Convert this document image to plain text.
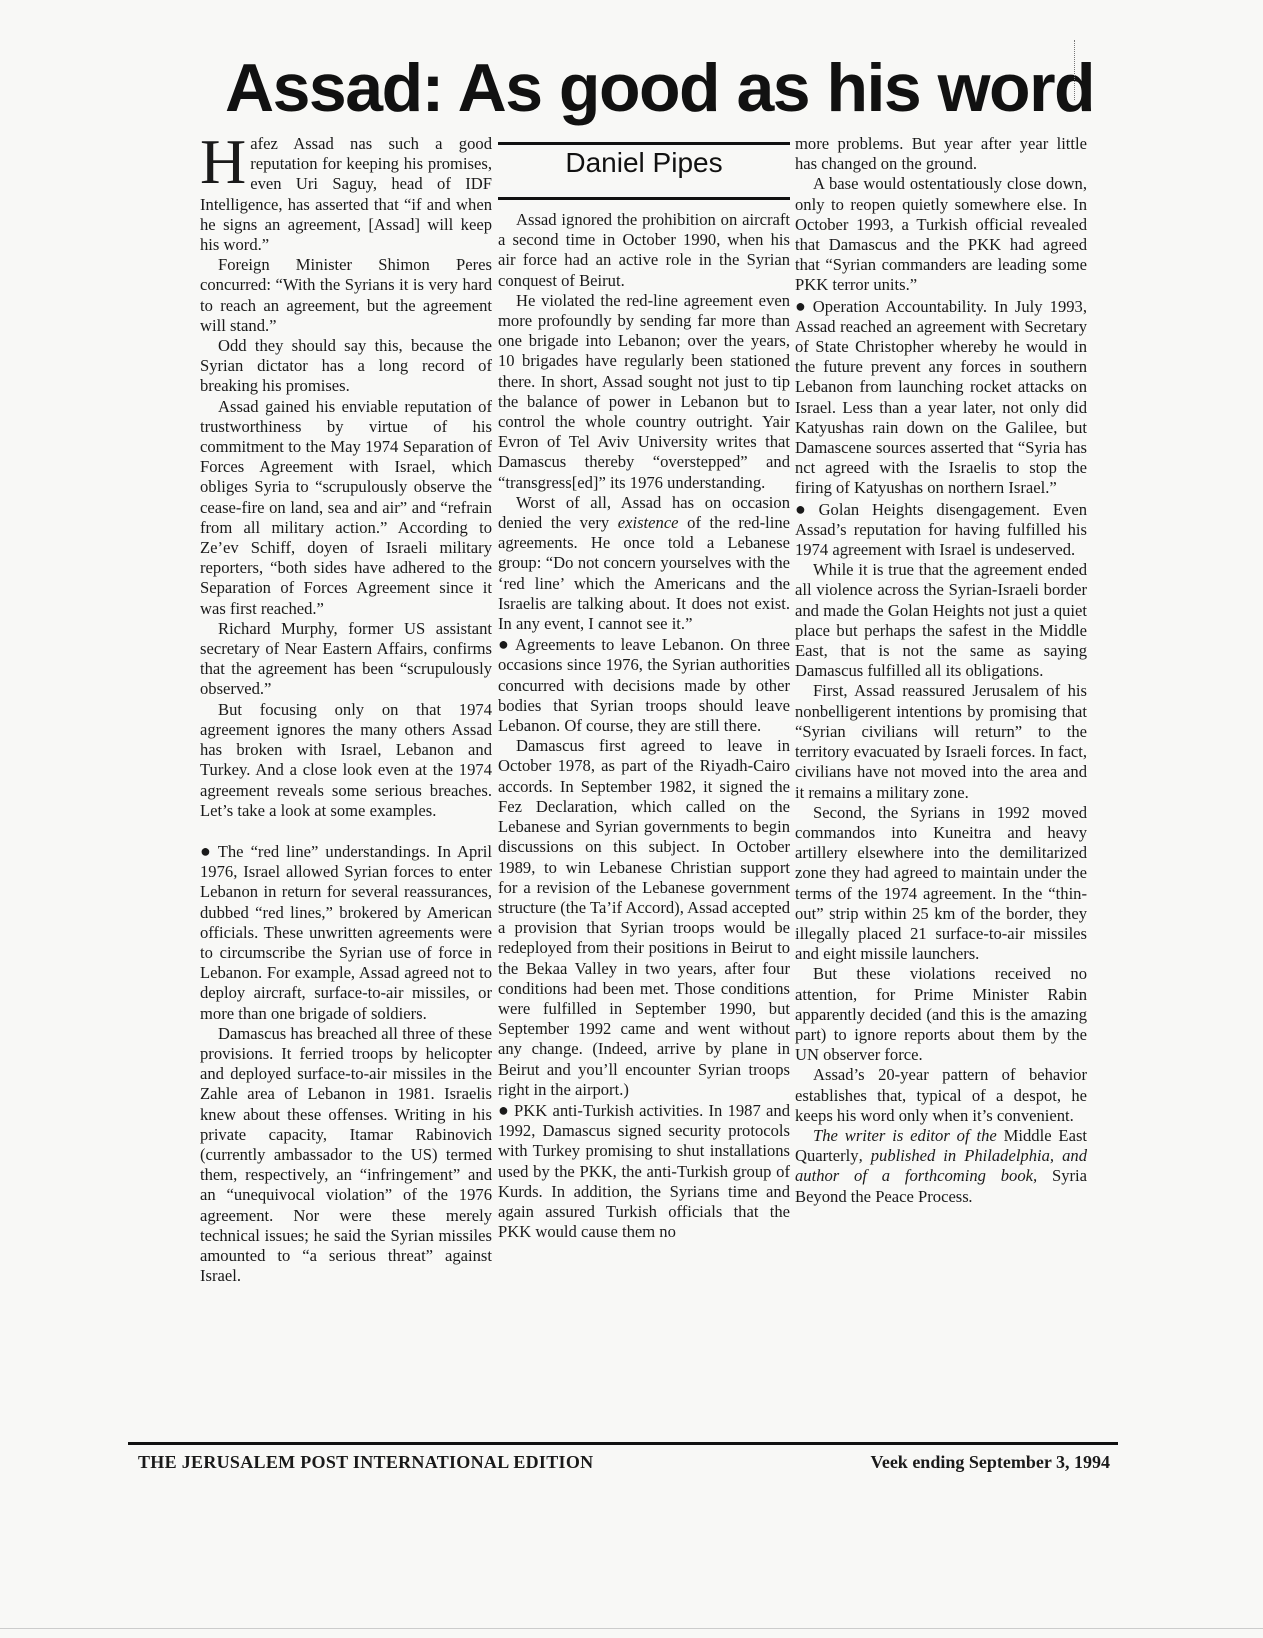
Assad: As good as his word

Hafez Assad nas such a good reputation for keeping his promises, even Uri Saguy, head of IDF Intelligence, has asserted that “if and when he signs an agreement, [Assad] will keep his word.”

Foreign Minister Shimon Peres concurred: “With the Syrians it is very hard to reach an agreement, but the agreement will stand.”

Odd they should say this, because the Syrian dictator has a long record of breaking his promises.

Assad gained his enviable reputation of trustworthiness by virtue of his commitment to the May 1974 Separation of Forces Agreement with Israel, which obliges Syria to “scrupulously observe the cease-fire on land, sea and air” and “refrain from all military action.” According to Ze’ev Schiff, doyen of Israeli military reporters, “both sides have adhered to the Separation of Forces Agreement since it was first reached.”

Richard Murphy, former US assistant secretary of Near Eastern Affairs, confirms that the agreement has been “scrupulously observed.”

But focusing only on that 1974 agreement ignores the many others Assad has broken with Israel, Lebanon and Turkey. And a close look even at the 1974 agreement reveals some serious breaches. Let’s take a look at some examples.

● The “red line” understandings. In April 1976, Israel allowed Syrian forces to enter Lebanon in return for several reassurances, dubbed “red lines,” brokered by American officials. These unwritten agreements were to circumscribe the Syrian use of force in Lebanon. For example, Assad agreed not to deploy aircraft, surface-to-air missiles, or more than one brigade of soldiers.

Damascus has breached all three of these provisions. It ferried troops by helicopter and deployed surface-to-air missiles in the Zahle area of Lebanon in 1981. Israelis knew about these offenses. Writing in his private capacity, Itamar Rabinovich (currently ambassador to the US) termed them, respectively, an “infringement” and an “unequivocal violation” of the 1976 agreement. Nor were these merely technical issues; he said the Syrian missiles amounted to “a serious threat” against Israel.

Daniel Pipes

Assad ignored the prohibition on aircraft a second time in October 1990, when his air force had an active role in the Syrian conquest of Beirut.

He violated the red-line agreement even more profoundly by sending far more than one brigade into Lebanon; over the years, 10 brigades have regularly been stationed there. In short, Assad sought not just to tip the balance of power in Lebanon but to control the whole country outright. Yair Evron of Tel Aviv University writes that Damascus thereby “overstepped” and “transgress[ed]” its 1976 understanding.

Worst of all, Assad has on occasion denied the very existence of the red-line agreements. He once told a Lebanese group: “Do not concern yourselves with the ‘red line’ which the Americans and the Israelis are talking about. It does not exist. In any event, I cannot see it.”

● Agreements to leave Lebanon. On three occasions since 1976, the Syrian authorities concurred with decisions made by other bodies that Syrian troops should leave Lebanon. Of course, they are still there.

Damascus first agreed to leave in October 1978, as part of the Riyadh-Cairo accords. In September 1982, it signed the Fez Declaration, which called on the Lebanese and Syrian governments to begin discussions on this subject. In October 1989, to win Lebanese Christian support for a revision of the Lebanese government structure (the Ta’if Accord), Assad accepted a provision that Syrian troops would be redeployed from their positions in Beirut to the Bekaa Valley in two years, after four conditions had been met. Those conditions were fulfilled in September 1990, but September 1992 came and went without any change. (Indeed, arrive by plane in Beirut and you’ll encounter Syrian troops right in the airport.)

● PKK anti-Turkish activities. In 1987 and 1992, Damascus signed security protocols with Turkey promising to shut installations used by the PKK, the anti-Turkish group of Kurds. In addition, the Syrians time and again assured Turkish officials that the PKK would cause them no

more problems. But year after year little has changed on the ground.

A base would ostentatiously close down, only to reopen quietly somewhere else. In October 1993, a Turkish official revealed that Damascus and the PKK had agreed that “Syrian commanders are leading some PKK terror units.”

● Operation Accountability. In July 1993, Assad reached an agreement with Secretary of State Christopher whereby he would in the future prevent any forces in southern Lebanon from launching rocket attacks on Israel. Less than a year later, not only did Katyushas rain down on the Galilee, but Damascene sources asserted that “Syria has nct agreed with the Israelis to stop the firing of Katyushas on northern Israel.”

● Golan Heights disengagement. Even Assad’s reputation for having fulfilled his 1974 agreement with Israel is undeserved.

While it is true that the agreement ended all violence across the Syrian-Israeli border and made the Golan Heights not just a quiet place but perhaps the safest in the Middle East, that is not the same as saying Damascus fulfilled all its obligations.

First, Assad reassured Jerusalem of his nonbelligerent intentions by promising that “Syrian civilians will return” to the territory evacuated by Israeli forces. In fact, civilians have not moved into the area and it remains a military zone.

Second, the Syrians in 1992 moved commandos into Kuneitra and heavy artillery elsewhere into the demilitarized zone they had agreed to maintain under the terms of the 1974 agreement. In the “thin-out” strip within 25 km of the border, they illegally placed 21 surface-to-air missiles and eight missile launchers.

But these violations received no attention, for Prime Minister Rabin apparently decided (and this is the amazing part) to ignore reports about them by the UN observer force.

Assad’s 20-year pattern of behavior establishes that, typical of a despot, he keeps his word only when it’s convenient.

The writer is editor of the Middle East Quarterly, published in Philadelphia, and author of a forthcoming book, Syria Beyond the Peace Process.

THE JERUSALEM POST INTERNATIONAL EDITION	Veek ending September 3, 1994
